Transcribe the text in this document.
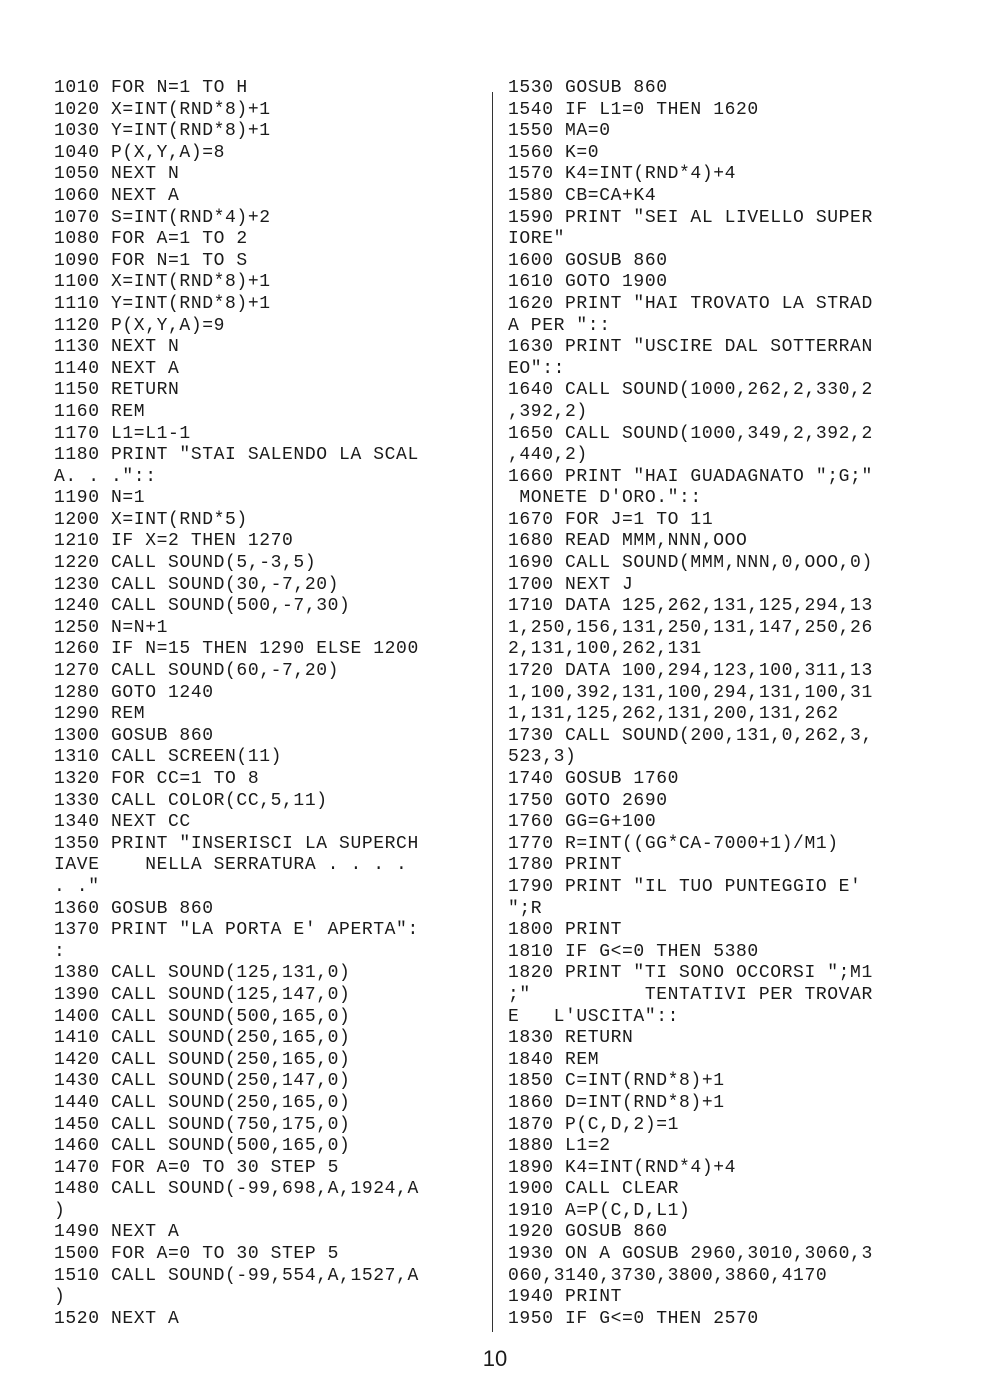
1010 FOR N=1 TO H
1020 X=INT(RND*8)+1
1030 Y=INT(RND*8)+1
1040 P(X,Y,A)=8
1050 NEXT N
1060 NEXT A
1070 S=INT(RND*4)+2
1080 FOR A=1 TO 2
1090 FOR N=1 TO S
1100 X=INT(RND*8)+1
1110 Y=INT(RND*8)+1
1120 P(X,Y,A)=9
1130 NEXT N
1140 NEXT A
1150 RETURN
1160 REM
1170 L1=L1-1
1180 PRINT "STAI SALENDO LA SCAL
A. . ."::
1190 N=1
1200 X=INT(RND*5)
1210 IF X=2 THEN 1270
1220 CALL SOUND(5,-3,5)
1230 CALL SOUND(30,-7,20)
1240 CALL SOUND(500,-7,30)
1250 N=N+1
1260 IF N=15 THEN 1290 ELSE 1200
1270 CALL SOUND(60,-7,20)
1280 GOTO 1240
1290 REM
1300 GOSUB 860
1310 CALL SCREEN(11)
1320 FOR CC=1 TO 8
1330 CALL COLOR(CC,5,11)
1340 NEXT CC
1350 PRINT "INSERISCI LA SUPERCH
IAVE    NELLA SERRATURA . . . .
. ."
1360 GOSUB 860
1370 PRINT "LA PORTA E' APERTA":
:
1380 CALL SOUND(125,131,0)
1390 CALL SOUND(125,147,0)
1400 CALL SOUND(500,165,0)
1410 CALL SOUND(250,165,0)
1420 CALL SOUND(250,165,0)
1430 CALL SOUND(250,147,0)
1440 CALL SOUND(250,165,0)
1450 CALL SOUND(750,175,0)
1460 CALL SOUND(500,165,0)
1470 FOR A=0 TO 30 STEP 5
1480 CALL SOUND(-99,698,A,1924,A
)
1490 NEXT A
1500 FOR A=0 TO 30 STEP 5
1510 CALL SOUND(-99,554,A,1527,A
)
1520 NEXT A
1530 GOSUB 860
1540 IF L1=0 THEN 1620
1550 MA=0
1560 K=0
1570 K4=INT(RND*4)+4
1580 CB=CA+K4
1590 PRINT "SEI AL LIVELLO SUPER
IORE"
1600 GOSUB 860
1610 GOTO 1900
1620 PRINT "HAI TROVATO LA STRAD
A PER "::
1630 PRINT "USCIRE DAL SOTTERRAN
EO"::
1640 CALL SOUND(1000,262,2,330,2
,392,2)
1650 CALL SOUND(1000,349,2,392,2
,440,2)
1660 PRINT "HAI GUADAGNATO ";G;"
MONETE D'ORO."::
1670 FOR J=1 TO 11
1680 READ MMM,NNN,OOO
1690 CALL SOUND(MMM,NNN,0,OOO,0)
1700 NEXT J
1710 DATA 125,262,131,125,294,13
1,250,156,131,250,131,147,250,26
2,131,100,262,131
1720 DATA 100,294,123,100,311,13
1,100,392,131,100,294,131,100,31
1,131,125,262,131,200,131,262
1730 CALL SOUND(200,131,0,262,3,
523,3)
1740 GOSUB 1760
1750 GOTO 2690
1760 GG=G+100
1770 R=INT((GG*CA-7000+1)/M1)
1780 PRINT
1790 PRINT "IL TUO PUNTEGGIO E'
";R
1800 PRINT
1810 IF G<=0 THEN 5380
1820 PRINT "TI SONO OCCORSI ";M1
;"          TENTATIVI PER TROVAR
E   L'USCITA"::
1830 RETURN
1840 REM
1850 C=INT(RND*8)+1
1860 D=INT(RND*8)+1
1870 P(C,D,2)=1
1880 L1=2
1890 K4=INT(RND*4)+4
1900 CALL CLEAR
1910 A=P(C,D,L1)
1920 GOSUB 860
1930 ON A GOSUB 2960,3010,3060,3
060,3140,3730,3800,3860,4170
1940 PRINT
1950 IF G<=0 THEN 2570
10
